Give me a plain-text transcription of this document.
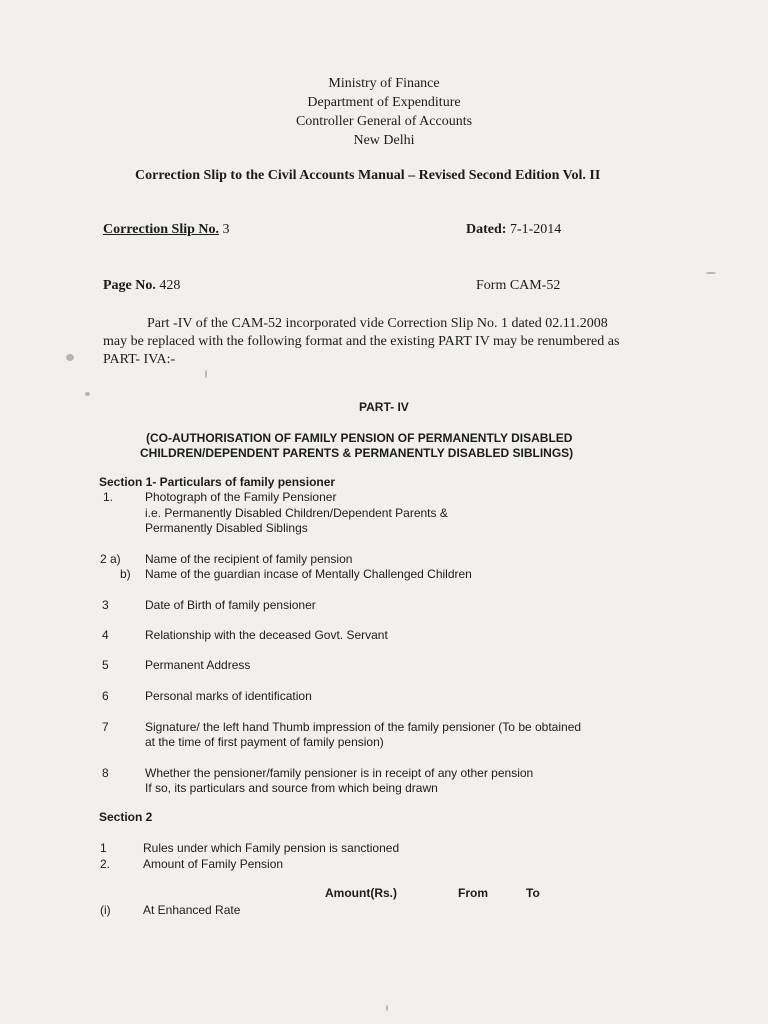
Ministry of Finance
Department of Expenditure
Controller General of Accounts
New Delhi
Correction Slip to the Civil Accounts Manual – Revised Second Edition Vol. II
Correction Slip No. 3	Dated: 7-1-2014
Page No. 428	Form CAM-52
Part -IV of the CAM-52 incorporated vide Correction Slip No. 1 dated 02.11.2008
may be replaced with the following format and the existing PART IV may be renumbered as
PART- IVA:-
PART- IV
(CO-AUTHORISATION OF FAMILY PENSION OF PERMANENTLY DISABLED
CHILDREN/DEPENDENT PARENTS & PERMANENTLY DISABLED SIBLINGS)
Section 1- Particulars of family pensioner
1.	Photograph of the Family Pensioner
i.e. Permanently Disabled Children/Dependent Parents &
Permanently Disabled Siblings
2 a) Name of the recipient of family pension
b) Name of the guardian incase of Mentally Challenged Children
3	Date of Birth of family pensioner
4	Relationship with the deceased Govt. Servant
5	Permanent Address
6	Personal marks of identification
7	Signature/ the left hand Thumb impression of the family pensioner (To be obtained
at the time of first payment of family pension)
8	Whether the pensioner/family pensioner is in receipt of any other pension
If so, its particulars and source from which being drawn
Section 2
1	Rules under which Family pension is sanctioned
2.	Amount of Family Pension
Amount(Rs.)	From	To
(i)	At Enhanced Rate
